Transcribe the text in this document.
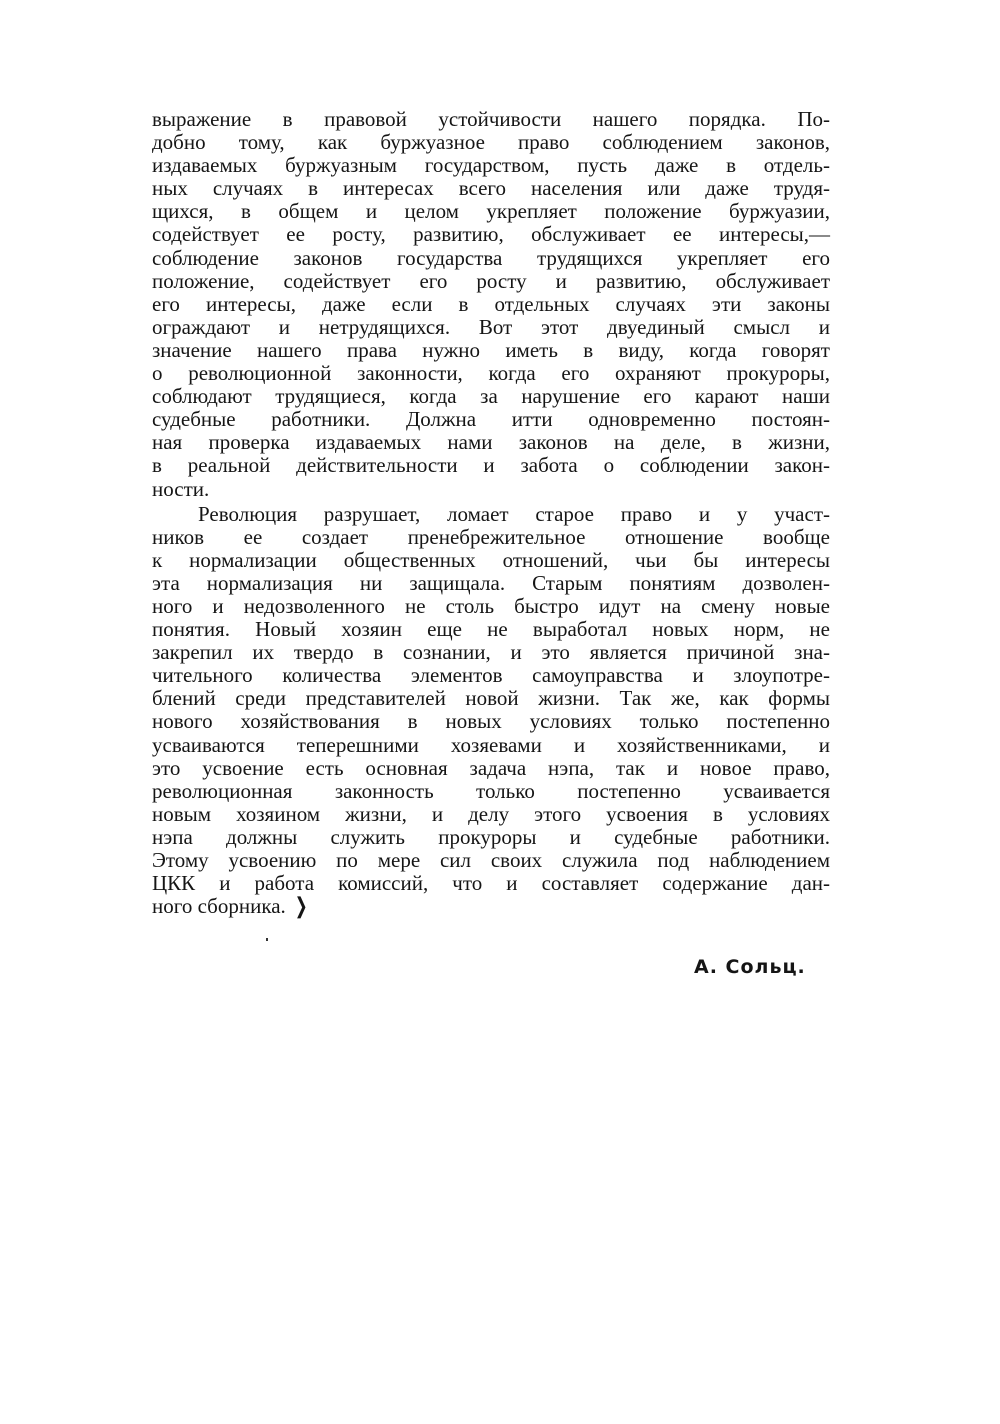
выражение в правовой устойчивости нашего порядка. По-
добно тому, как буржуазное право соблюдением законов,
издаваемых буржуазным государством, пусть даже в отдель-
ных случаях в интересах всего населения или даже трудя-
щихся, в общем и целом укрепляет положение буржуазии,
содействует ее росту, развитию, обслуживает ее интересы,—
соблюдение законов государства трудящихся укрепляет его
положение, содействует его росту и развитию, обслуживает
его интересы, даже если в отдельных случаях эти законы
ограждают и нетрудящихся. Вот этот двуединый смысл и
значение нашего права нужно иметь в виду, когда говорят
о революционной законности, когда его охраняют прокуроры,
соблюдают трудящиеся, когда за нарушение его карают наши
судебные работники. Должна итти одновременно постоян-
ная проверка издаваемых нами законов на деле, в жизни,
в реальной действительности и забота о соблюдении закон-
ности.
Революция разрушает, ломает старое право и у участ-
ников ее создает пренебрежительное отношение вообще
к нормализации общественных отношений, чьи бы интересы
эта нормализация ни защищала. Старым понятиям дозволен-
ного и недозволенного не столь быстро идут на смену новые
понятия. Новый хозяин еще не выработал новых норм, не
закрепил их твердо в сознании, и это является причиной зна-
чительного количества элементов самоуправства и злоупотре-
блений среди представителей новой жизни. Так же, как формы
нового хозяйствования в новых условиях только постепенно
усваиваются теперешними хозяевами и хозяйственниками, и
это усвоение есть основная задача нэпа, так и новое право,
революционная законность только постепенно усваивается
новым хозяином жизни, и делу этого усвоения в условиях
нэпа должны служить прокуроры и судебные работники.
Этому усвоению по мере сил своих служила под наблюдением
ЦКК и работа комиссий, что и составляет содержание дан-
ного сборника. ❯
А. Сольц.
